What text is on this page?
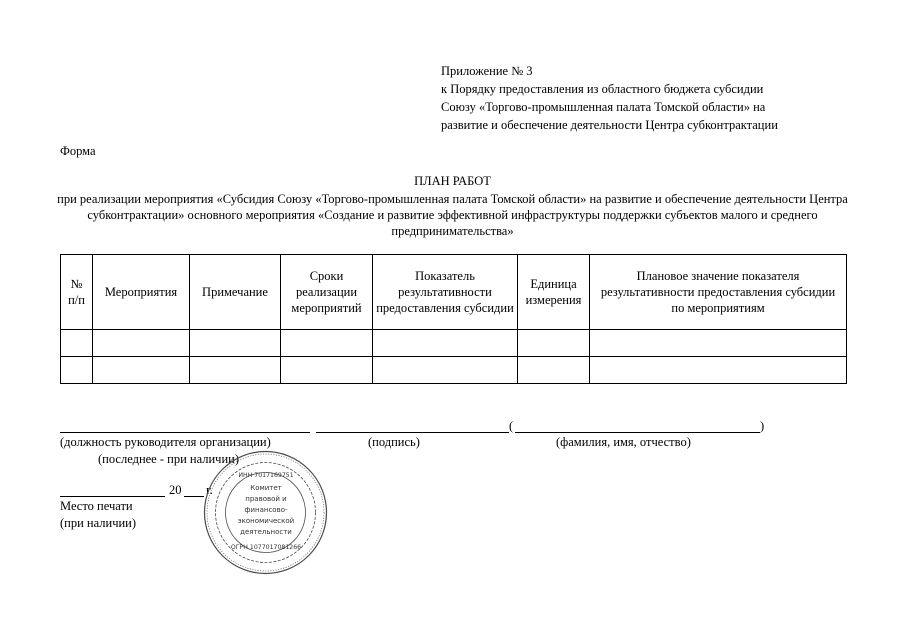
Приложение № 3
к Порядку предоставления из областного бюджета субсидии
Союзу «Торгово-промышленная палата Томской области» на
развитие и обеспечение деятельности Центра субконтрактации
Форма
ПЛАН РАБОТ
при реализации мероприятия «Субсидия Союзу «Торгово-промышленная палата Томской области» на развитие и обеспечение деятельности Центра субконтрактации» основного мероприятия «Создание и развитие эффективной инфраструктуры поддержки субъектов малого и среднего предпринимательства»
№ п/п	Мероприятия	Примечание	Сроки реализации мероприятий	Показатель результативности предоставления субсидии	Единица измерения	Плановое значение показателя результативности предоставления субсидии по мероприятиям

(	)
(должность руководителя организации)	(подпись)	(фамилия, имя, отчество)
(последнее - при наличии)
20 г.
Место печати
(при наличии)
ИНН 7017169751
Комитет
правовой и
финансово-
экономической
деятельности
ОГРН 1077017081266
